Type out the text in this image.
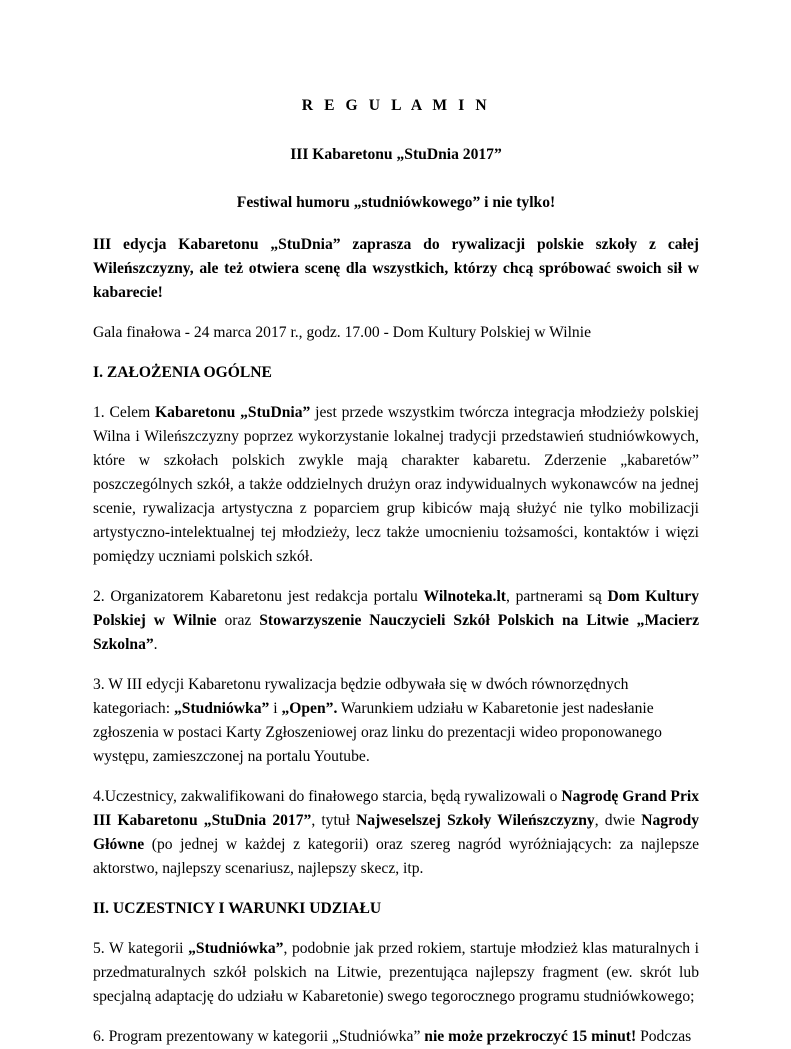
R E G U L A M I N

III Kabaretonu „StuDnia 2017”

Festiwal humoru „studniówkowego” i nie tylko!

III edycja Kabaretonu „StuDnia” zaprasza do rywalizacji polskie szkoły z całej Wileńszczyzny, ale też otwiera scenę dla wszystkich, którzy chcą spróbować swoich sił w kabarecie!

Gala finałowa - 24 marca 2017 r., godz. 17.00 - Dom Kultury Polskiej w Wilnie

I. ZAŁOŻENIA OGÓLNE

1. Celem Kabaretonu „StuDnia” jest przede wszystkim twórcza integracja młodzieży polskiej Wilna i Wileńszczyzny poprzez wykorzystanie lokalnej tradycji przedstawień studniówkowych, które w szkołach polskich zwykle mają charakter kabaretu. Zderzenie „kabaretów” poszczególnych szkół, a także oddzielnych drużyn oraz indywidualnych wykonawców na jednej scenie, rywalizacja artystyczna z poparciem grup kibiców mają służyć nie tylko mobilizacji artystyczno-intelektualnej tej młodzieży, lecz także umocnieniu tożsamości, kontaktów i więzi pomiędzy uczniami polskich szkół.

2. Organizatorem Kabaretonu jest redakcja portalu Wilnoteka.lt, partnerami są Dom Kultury Polskiej w Wilnie oraz Stowarzyszenie Nauczycieli Szkół Polskich na Litwie „Macierz Szkolna”.

3. W III edycji Kabaretonu rywalizacja będzie odbywała się w dwóch równorzędnych kategoriach: „Studniówka” i „Open”. Warunkiem udziału w Kabaretonie jest nadesłanie zgłoszenia w postaci Karty Zgłoszeniowej oraz linku do prezentacji wideo proponowanego występu, zamieszczonej na portalu Youtube.

4.Uczestnicy, zakwalifikowani do finałowego starcia, będą rywalizowali o Nagrodę Grand Prix III Kabaretonu „StuDnia 2017”, tytuł Najweselszej Szkoły Wileńszczyzny, dwie Nagrody Główne (po jednej w każdej z kategorii) oraz szereg nagród wyróżniających: za najlepsze aktorstwo, najlepszy scenariusz, najlepszy skecz, itp.

II. UCZESTNICY I WARUNKI UDZIAŁU

5. W kategorii „Studniówka”, podobnie jak przed rokiem, startuje młodzież klas maturalnych i przedmaturalnych szkół polskich na Litwie, prezentująca najlepszy fragment (ew. skrót lub specjalną adaptację do udziału w Kabaretonie) swego tegorocznego programu studniówkowego;

6. Program prezentowany w kategorii „Studniówka” nie może przekroczyć 15 minut! Podczas
